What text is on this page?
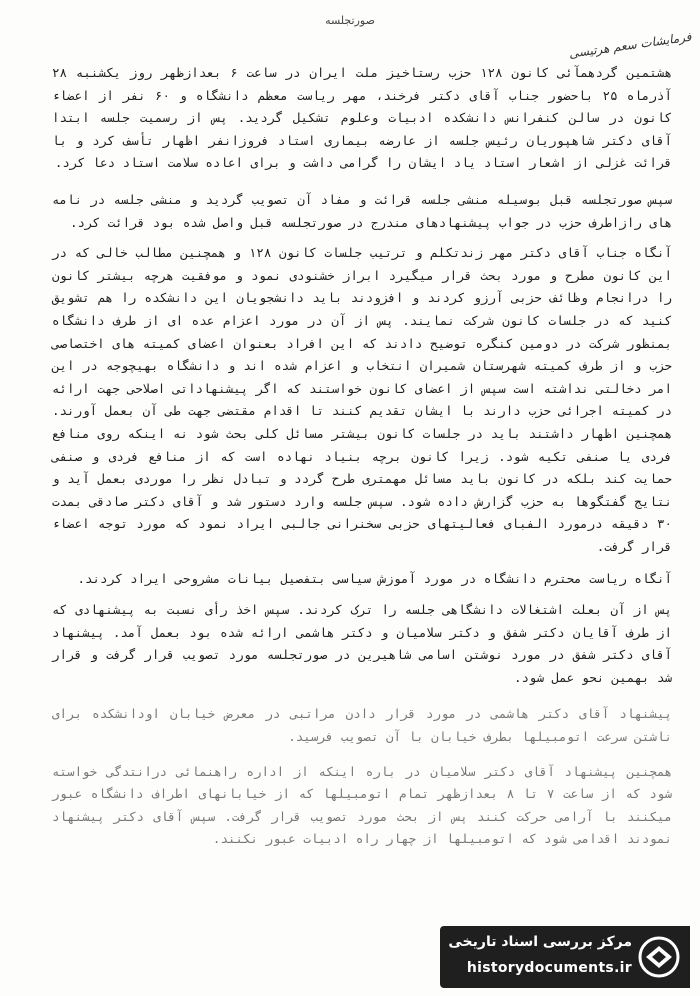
صورتجلسه
فرمایشات سعم هرتیسی

هشتمین گردهمآئی کانون ۱۲۸ حزب رستاخیز ملت ایران در ساعت ۶ بعدازظهر روز یکشنبه ۲۸ آذرماه ۲۵ باحضور جناب آقای دکتر فرخند، مهر ریاست معظم دانشگاه و ۶۰ نفر از اعضاء کانون در سالن کنفرانس دانشکده ادبیات وعلوم تشکیل گردید. پس از رسمیت جلسه ابتدا آقای دکتر شاهپوریان رئیس جلسه از عارضه بیماری استاد فروزانفر اظهار تأسف کرد و با قرائت غزلی از اشعار استاد یاد ایشان را گرامی داشت و برای اعاده سلامت استاد دعا کرد.

سپس صورتجلسه قبل بوسیله منشی جلسه قرائت و مفاد آن تصویب گردید و منشی جلسه در نامه های رازاطرف حزب در جواب پیشنهادهای مندرج در صورتجلسه قبل واصل شده بود قرائت کرد.

آنگاه جناب آقای دکتر مهر زندتکلم و ترتیب جلسات کانون ۱۲۸ و همچنین مطالب خالی که در این کانون مطرح و مورد بحث قرار میگیرد ابراز خشنودی نمود و موفقیت هرچه بیشتر کانون را درانجام وظائف حزبی آرزو کردند و افزودند باید دانشجویان این دانشکده را هم تشویق کنید که در جلسات کانون شرکت نمایند. پس از آن در مورد اعزام عده ای از طرف دانشگاه بمنظور شرکت در دومین کنگره توضیح دادند که این افراد بعنوان اعضای کمیته های اختصاصی حزب و از طرف کمیته شهرستان شمیران انتخاب و اعزام شده اند و دانشگاه بهیچوجه در این امر دخالتی نداشته است سپس از اعضای کانون خواستند که اگر پیشنهاداتی اصلاحی جهت ارائه در کمیته اجرائی حزب دارند با ایشان تقدیم کنند تا اقدام مقتضی جهت طی آن بعمل آورند. همچنین اظهار داشتند باید در جلسات کانون بیشتر مسائل کلی بحث شود نه اینکه روی منافع فردی یا صنفی تکیه شود. زیرا کانون برچه بنیاد نهاده است که از منافع فردی و صنفی حمایت کند بلکه در کانون باید مسائل مهمتری طرح گردد و تبادل نظر را موردی بعمل آید و نتایج گفتگوها به حزب گزارش داده شود. سپس جلسه وارد دستور شد و آقای دکتر صادقی بمدت ۳۰ دقیقه درمورد الفبای فعالیتهای حزبی سخنرانی جالبی ایراد نمود که مورد توجه اعضاء قرار گرفت.

آنگاه ریاست محترم دانشگاه در مورد آموزش سیاسی بتفصیل بیانات مشروحی ایراد کردند.

پس از آن بعلت اشتغالات دانشگاهی جلسه را ترک کردند. سپس اخذ رأی نسبت به پیشنهادی که از طرف آقایان دکتر شفق و دکتر سلامیان و دکتر هاشمی ارائه شده بود بعمل آمد. پیشنهاد آقای دکتر شفق در مورد نوشتن اسامی شاهیرین در صورتجلسه مورد تصویب قرار گرفت و قرار شد بهمین نحو عمل شود.

پیشنهاد آقای دکتر هاشمی در مورد قرار دادن مراتبی در معرض خیابان اودانشکده برای ناشتن سرعت اتومبیلها بطرف خیابان با آن تصویب فرسید.

همچنین پیشنهاد آقای دکتر سلامیان در باره اینکه از اداره راهنمائی درانتدگی خواسته شود که از ساعت ۷ تا ۸ بعدازظهر تمام اتومبیلها که از خیابانهای اطراف دانشگاه عبور میکنند با آرامی حرکت کنند پس از بحث مورد تصویب قرار گرفت. سپس آقای دکتر پیشنهاد نمودند اقدامی شود که اتومبیلها از چهار راه ادبیات عبور نکنند.

مرکز بررسی اسناد تاریخی
historydocuments.ir
